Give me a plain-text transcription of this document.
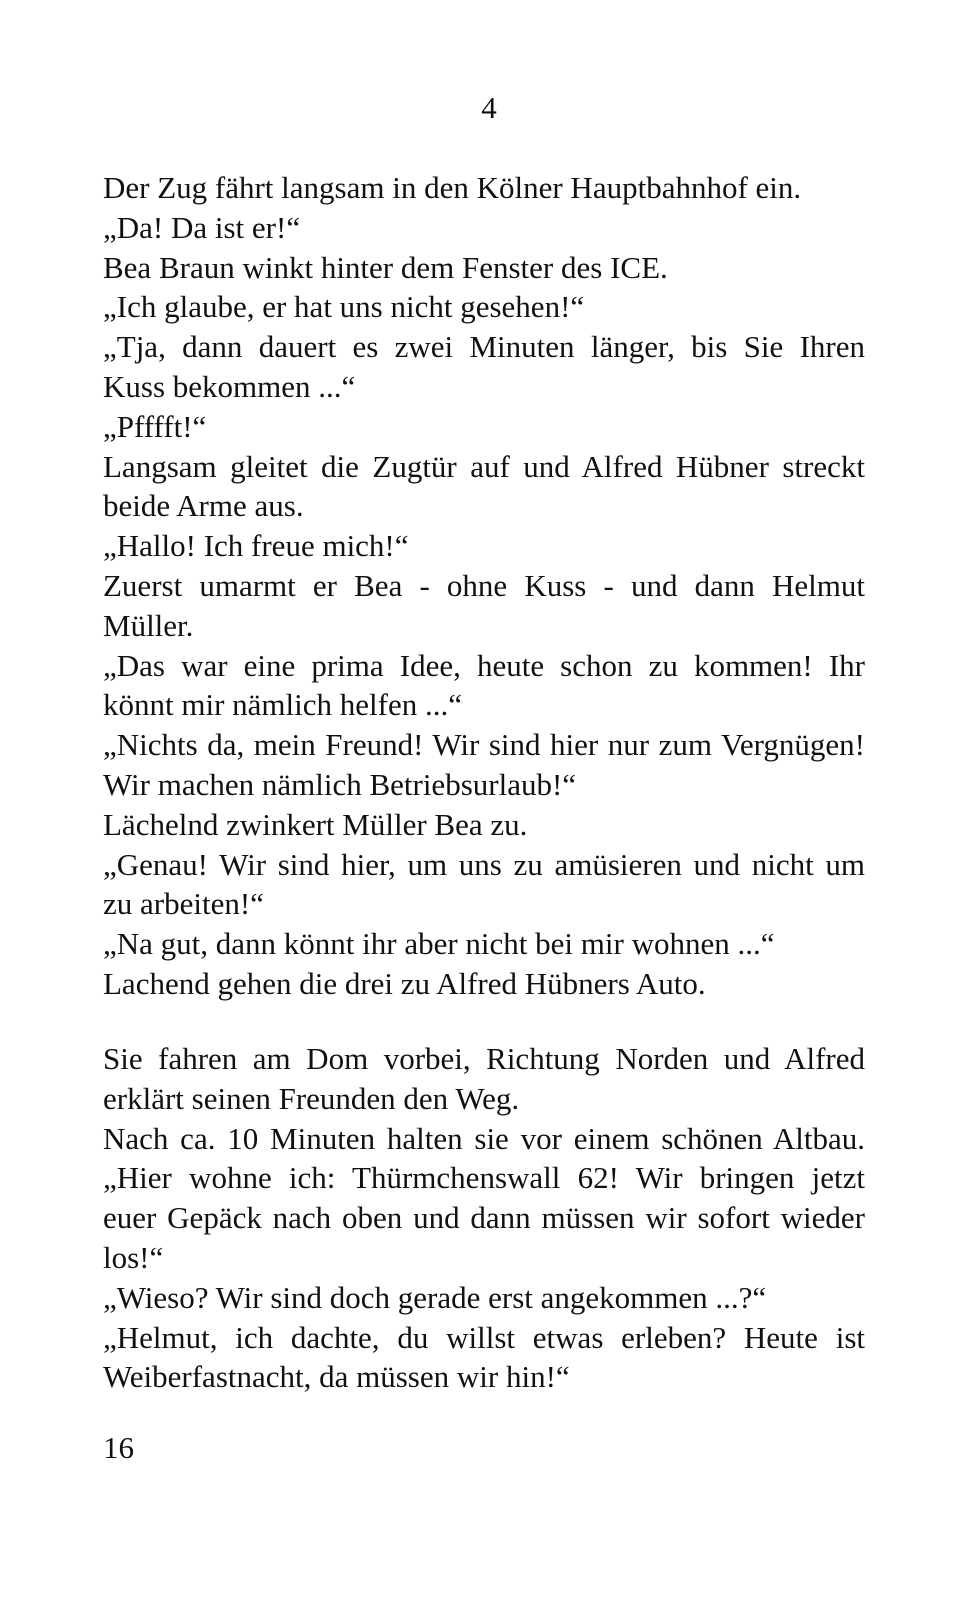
4
Der Zug fährt langsam in den Kölner Hauptbahnhof ein.
„Da! Da ist er!“
Bea Braun winkt hinter dem Fenster des ICE.
„Ich glaube, er hat uns nicht gesehen!“
„Tja, dann dauert es zwei Minuten länger, bis Sie Ihren
Kuss bekommen ...“
„Pfffft!“
Langsam gleitet die Zugtür auf und Alfred Hübner streckt
beide Arme aus.
„Hallo! Ich freue mich!“
Zuerst umarmt er Bea - ohne Kuss - und dann Helmut
Müller.
„Das war eine prima Idee, heute schon zu kommen! Ihr
könnt mir nämlich helfen ...“
„Nichts da, mein Freund! Wir sind hier nur zum Vergnügen!
Wir machen nämlich Betriebsurlaub!“
Lächelnd zwinkert Müller Bea zu.
„Genau! Wir sind hier, um uns zu amüsieren und nicht um
zu arbeiten!“
„Na gut, dann könnt ihr aber nicht bei mir wohnen ...“
Lachend gehen die drei zu Alfred Hübners Auto.
Sie fahren am Dom vorbei, Richtung Norden und Alfred
erklärt seinen Freunden den Weg.
Nach ca. 10 Minuten halten sie vor einem schönen Altbau.
„Hier wohne ich: Thürmchenswall 62! Wir bringen jetzt
euer Gepäck nach oben und dann müssen wir sofort wieder
los!“
„Wieso? Wir sind doch gerade erst angekommen ...?“
„Helmut, ich dachte, du willst etwas erleben? Heute ist
Weiberfastnacht, da müssen wir hin!“
16
